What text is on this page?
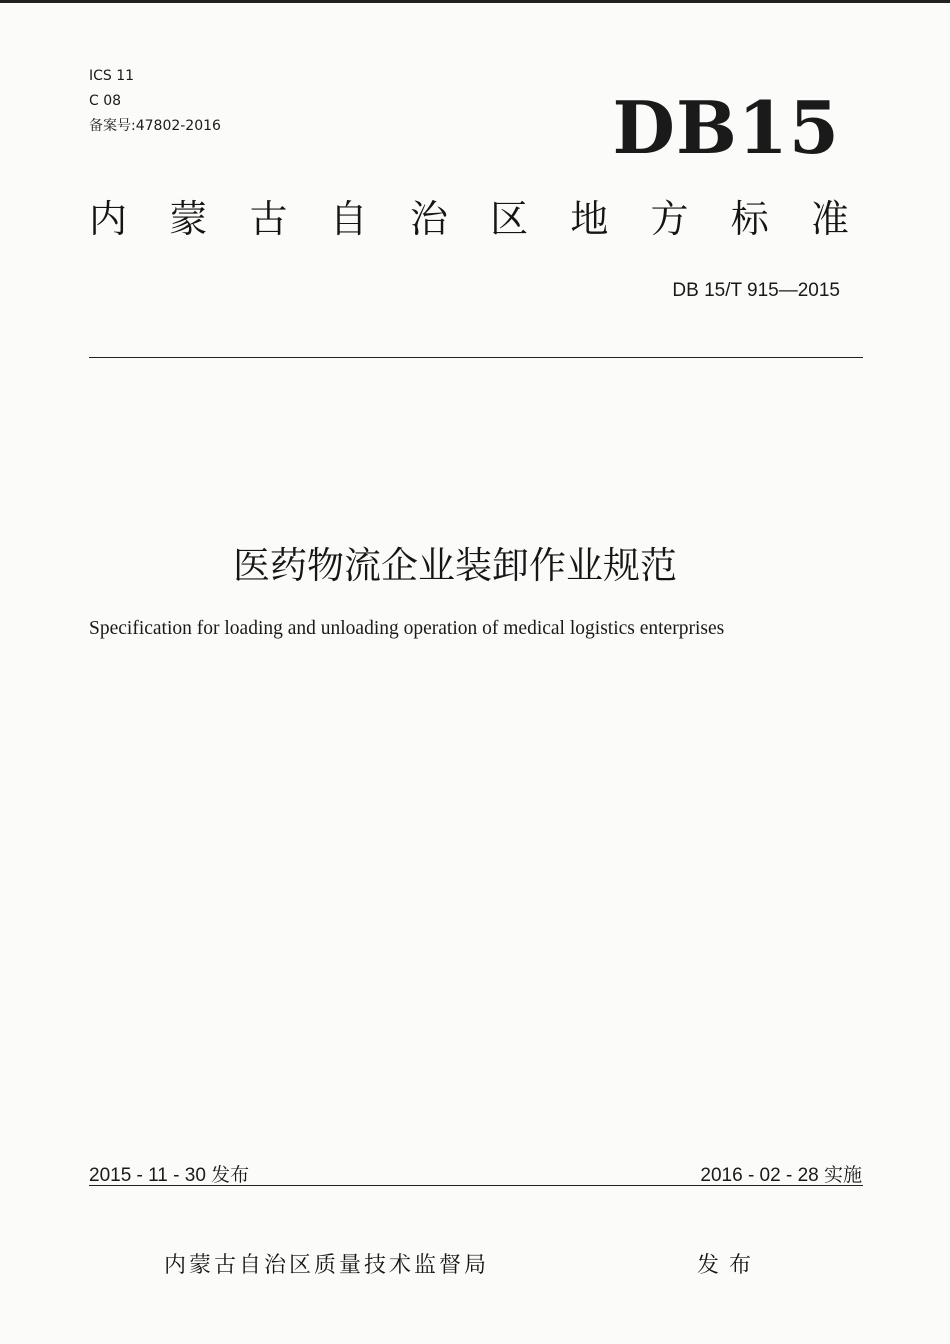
ICS 11
C 08
备案号:47802-2016	DB15
内 蒙 古 自 治 区 地 方 标 准
DB 15/T 915—2015
医药物流企业装卸作业规范
Specification for loading and unloading operation of medical logistics enterprises
2015 - 11 - 30 发布	2016 - 02 - 28 实施
内蒙古自治区质量技术监督局	发布
